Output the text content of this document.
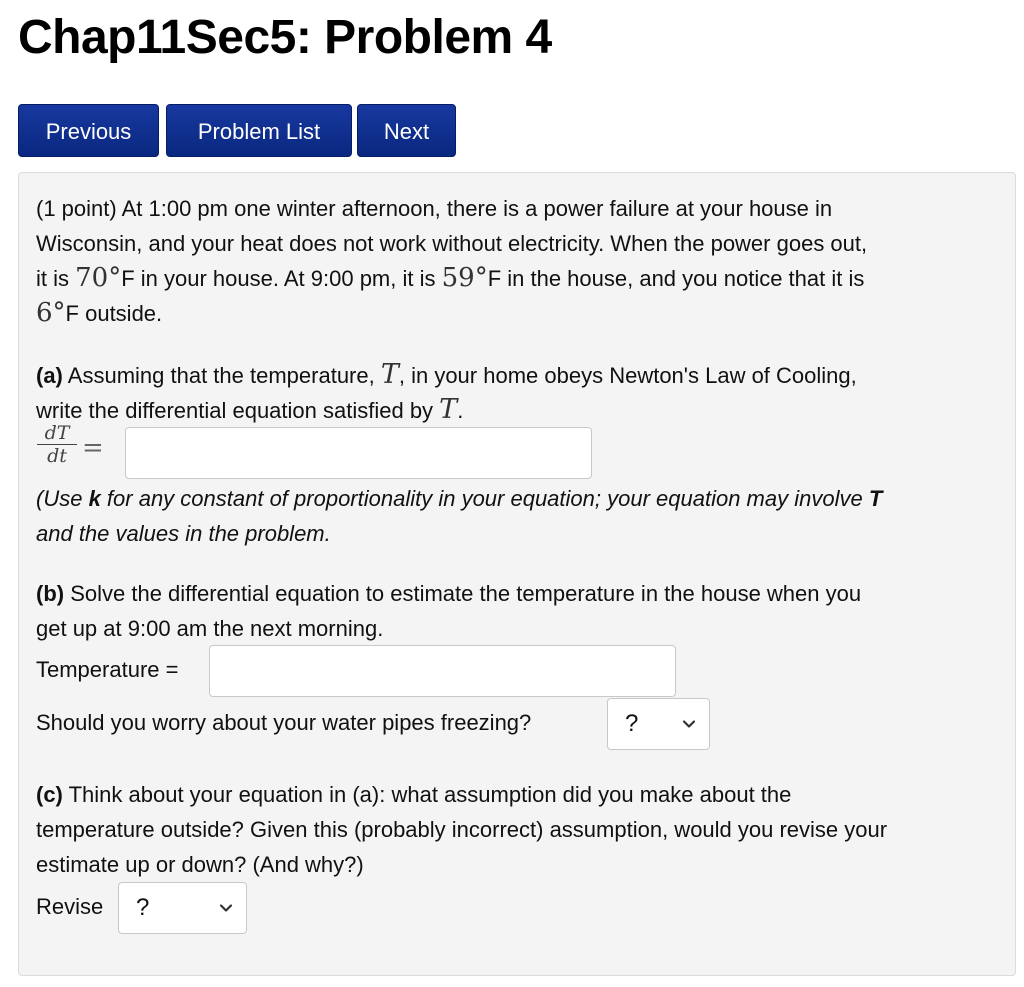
Chap11Sec5: Problem 4
Previous	Problem List	Next
(1 point) At 1:00 pm one winter afternoon, there is a power failure at your house in
Wisconsin, and your heat does not work without electricity. When the power goes out,
it is 70°F in your house. At 9:00 pm, it is 59°F in the house, and you notice that it is
6°F outside.
(a) Assuming that the temperature, T, in your home obeys Newton's Law of Cooling,
write the differential equation satisfied by T.
$\frac{dT}{dt}$ =
(Use k for any constant of proportionality in your equation; your equation may involve T
and the values in the problem.
(b) Solve the differential equation to estimate the temperature in the house when you
get up at 9:00 am the next morning.
Temperature =
Should you worry about your water pipes freezing?	?
(c) Think about your equation in (a): what assumption did you make about the
temperature outside? Given this (probably incorrect) assumption, would you revise your
estimate up or down? (And why?)
Revise ?
